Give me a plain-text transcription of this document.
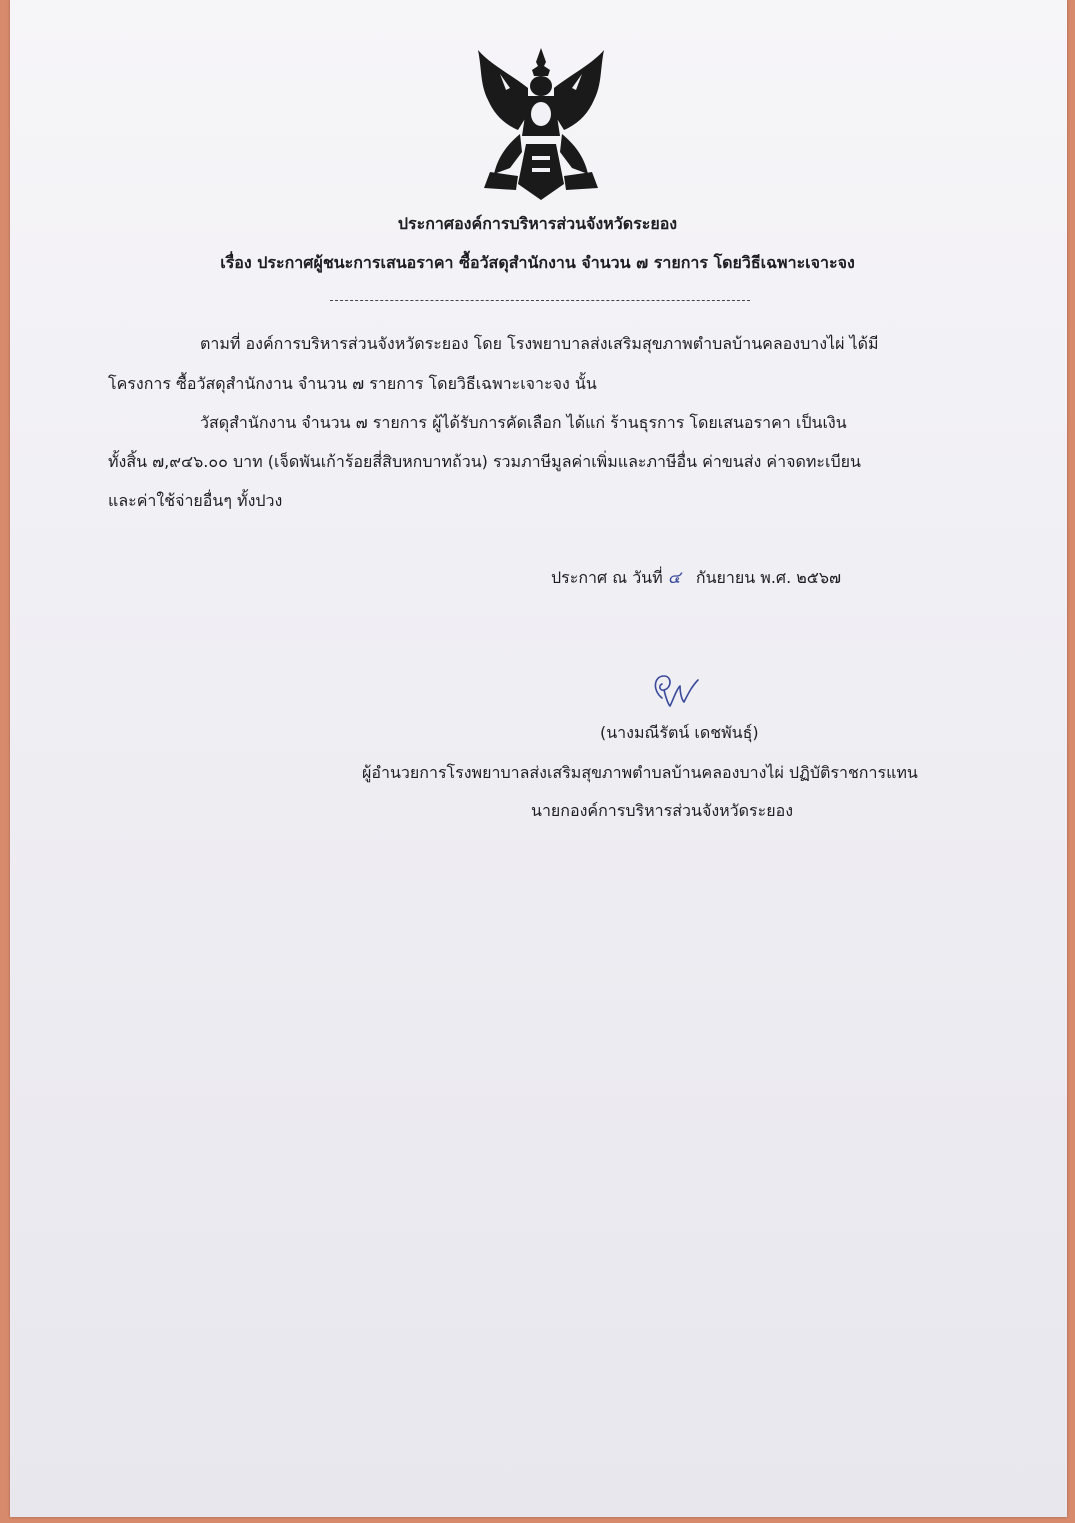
ประกาศองค์การบริหารส่วนจังหวัดระยอง
เรื่อง ประกาศผู้ชนะการเสนอราคา ซื้อวัสดุสำนักงาน จำนวน ๗ รายการ โดยวิธีเฉพาะเจาะจง
ตามที่ องค์การบริหารส่วนจังหวัดระยอง โดย โรงพยาบาลส่งเสริมสุขภาพตำบลบ้านคลองบางไผ่ ได้มี
โครงการ ซื้อวัสดุสำนักงาน จำนวน ๗ รายการ โดยวิธีเฉพาะเจาะจง นั้น
วัสดุสำนักงาน จำนวน ๗ รายการ ผู้ได้รับการคัดเลือก ได้แก่ ร้านธุรการ โดยเสนอราคา เป็นเงิน
ทั้งสิ้น ๗,๙๔๖.๐๐ บาท (เจ็ดพันเก้าร้อยสี่สิบหกบาทถ้วน) รวมภาษีมูลค่าเพิ่มและภาษีอื่น ค่าขนส่ง ค่าจดทะเบียน
และค่าใช้จ่ายอื่นๆ ทั้งปวง
ประกาศ ณ วันที่ ๔ กันยายน พ.ศ. ๒๕๖๗
(นางมณีรัตน์ เดชพันธุ์)
ผู้อำนวยการโรงพยาบาลส่งเสริมสุขภาพตำบลบ้านคลองบางไผ่ ปฏิบัติราชการแทน
นายกองค์การบริหารส่วนจังหวัดระยอง
